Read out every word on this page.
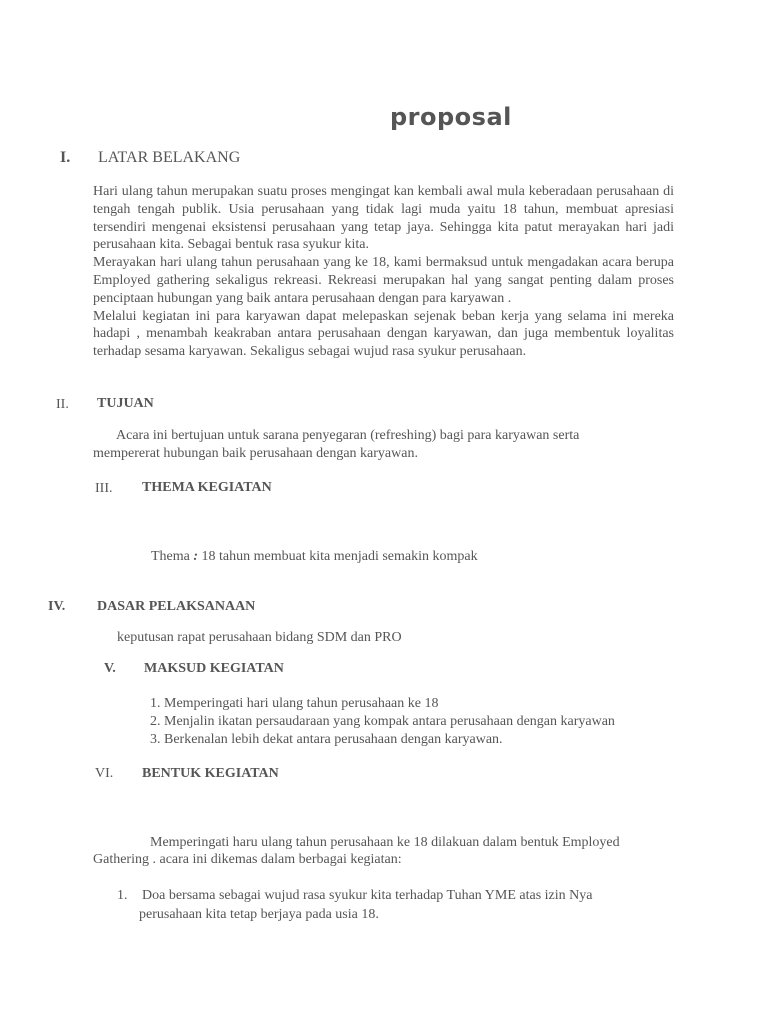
proposal
I. LATAR BELAKANG

Hari ulang tahun merupakan suatu proses mengingat kan kembali awal mula keberadaan perusahaan di tengah tengah publik. Usia perusahaan yang tidak lagi muda yaitu 18 tahun, membuat apresiasi tersendiri mengenai eksistensi perusahaan yang tetap jaya. Sehingga kita patut merayakan hari jadi perusahaan kita. Sebagai bentuk rasa syukur kita.

Merayakan hari ulang tahun perusahaan yang ke 18, kami bermaksud untuk mengadakan acara berupa Employed gathering sekaligus rekreasi. Rekreasi merupakan hal yang sangat penting dalam proses penciptaan hubungan yang baik antara perusahaan dengan para karyawan .

Melalui kegiatan ini para karyawan dapat melepaskan sejenak beban kerja yang selama ini mereka hadapi , menambah keakraban antara perusahaan dengan karyawan, dan juga membentuk loyalitas terhadap sesama karyawan. Sekaligus sebagai wujud rasa syukur perusahaan.

II. TUJUAN
Acara ini bertujuan untuk sarana penyegaran (refreshing) bagi para karyawan serta
mempererat hubungan baik perusahaan dengan karyawan.
III. THEMA KEGIATAN
Thema : 18 tahun membuat kita menjadi semakin kompak
IV. DASAR PELAKSANAAN
keputusan rapat perusahaan bidang SDM dan PRO
V. MAKSUD KEGIATAN
1. Memperingati hari ulang tahun perusahaan ke 18
2. Menjalin ikatan persaudaraan yang kompak antara perusahaan dengan karyawan
3. Berkenalan lebih dekat antara perusahaan dengan karyawan.
VI. BENTUK KEGIATAN
Memperingati haru ulang tahun perusahaan ke 18 dilakuan dalam bentuk Employed
Gathering . acara ini dikemas dalam berbagai kegiatan:
1. Doa bersama sebagai wujud rasa syukur kita terhadap Tuhan YME atas izin Nya
perusahaan kita tetap berjaya pada usia 18.
